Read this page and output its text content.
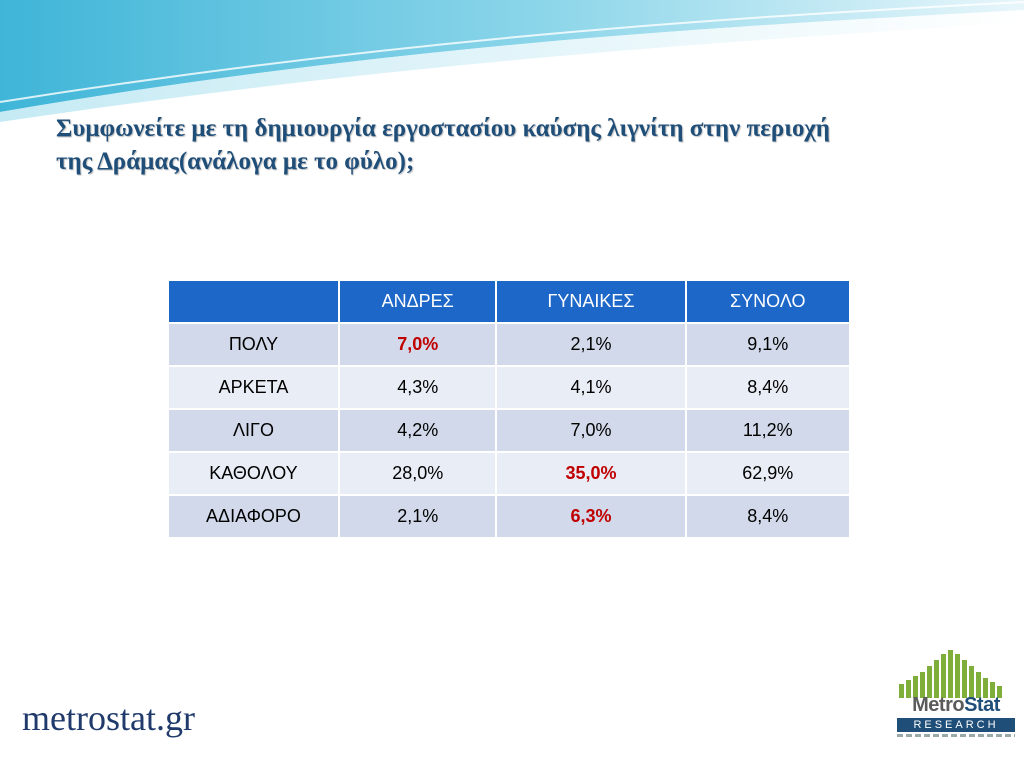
Συμφωνείτε με τη δημιουργία εργοστασίου καύσης λιγνίτη στην περιοχή
της Δράμας(ανάλογα με το φύλο);
	ΑΝΔΡΕΣ	ΓΥΝΑΙΚΕΣ	ΣΥΝΟΛΟ
ΠΟΛΥ	7,0%	2,1%	9,1%
ΑΡΚΕΤΑ	4,3%	4,1%	8,4%
ΛΙΓΟ	4,2%	7,0%	11,2%
ΚΑΘΟΛΟΥ	28,0%	35,0%	62,9%
ΑΔΙΑΦΟΡΟ	2,1%	6,3%	8,4%
metrostat.gr	MetroStat
RESEARCH
